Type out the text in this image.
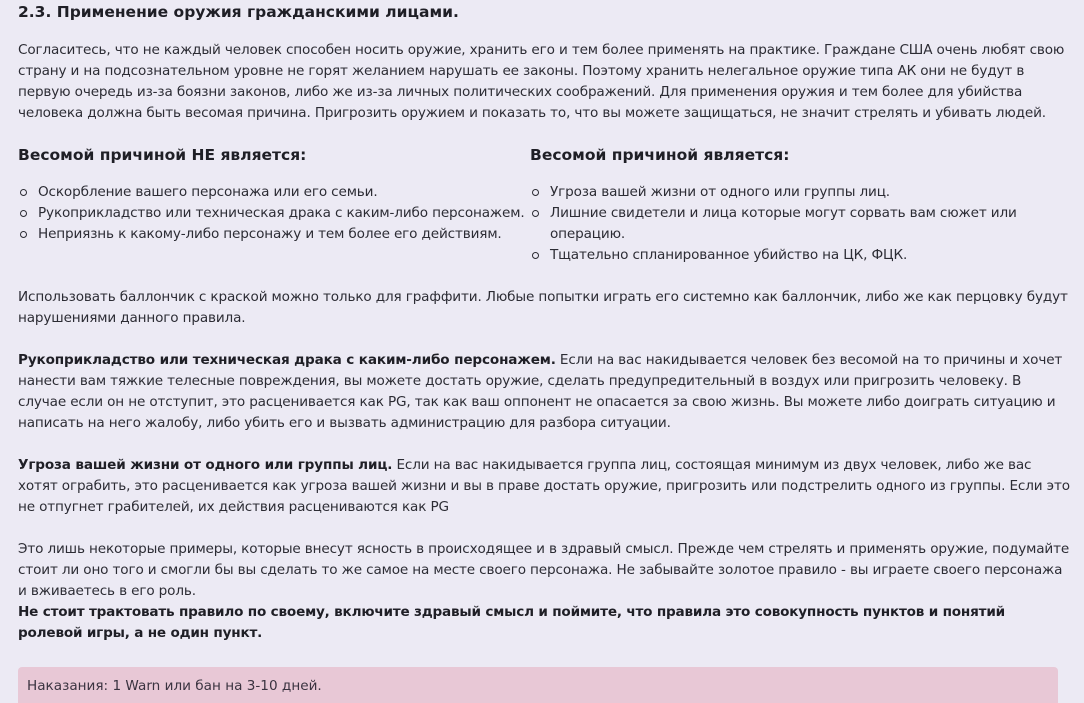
2.3. Применение оружия гражданскими лицами.

Согласитесь, что не каждый человек способен носить оружие, хранить его и тем более применять на практике. Граждане США очень любят свою страну и на подсознательном уровне не горят желанием нарушать ее законы. Поэтому хранить нелегальное оружие типа АК они не будут в первую очередь из-за боязни законов, либо же из-за личных политических соображений. Для применения оружия и тем более для убийства человека должна быть весомая причина. Пригрозить оружием и показать то, что вы можете защищаться, не значит стрелять и убивать людей.

Весомой причиной НЕ является:
Оскорбление вашего персонажа или его семьи.
Рукоприкладство или техническая драка с каким-либо персонажем.
Неприязнь к какому-либо персонажу и тем более его действиям.
Весомой причиной является:
Угроза вашей жизни от одного или группы лиц.
Лишние свидетели и лица которые могут сорвать вам сюжет или операцию.
Тщательно спланированное убийство на ЦК, ФЦК.

Использовать баллончик с краской можно только для граффити. Любые попытки играть его системно как баллончик, либо же как перцовку будут нарушениями данного правила.

Рукоприкладство или техническая драка с каким-либо персонажем. Если на вас накидывается человек без весомой на то причины и хочет нанести вам тяжкие телесные повреждения, вы можете достать оружие, сделать предупредительный в воздух или пригрозить человеку. В случае если он не отступит, это расценивается как PG, так как ваш оппонент не опасается за свою жизнь. Вы можете либо доиграть ситуацию и написать на него жалобу, либо убить его и вызвать администрацию для разбора ситуации.

Угроза вашей жизни от одного или группы лиц. Если на вас накидывается группа лиц, состоящая минимум из двух человек, либо же вас хотят ограбить, это расценивается как угроза вашей жизни и вы в праве достать оружие, пригрозить или подстрелить одного из группы. Если это не отпугнет грабителей, их действия расцениваются как PG

Это лишь некоторые примеры, которые внесут ясность в происходящее и в здравый смысл. Прежде чем стрелять и применять оружие, подумайте стоит ли оно того и смогли бы вы сделать то же самое на месте своего персонажа. Не забывайте золотое правило - вы играете своего персонажа и вживаетесь в его роль.

Не стоит трактовать правило по своему, включите здравый смысл и поймите, что правила это совокупность пунктов и понятий ролевой игры, а не один пункт.

Наказания: 1 Warn или бан на 3-10 дней.
